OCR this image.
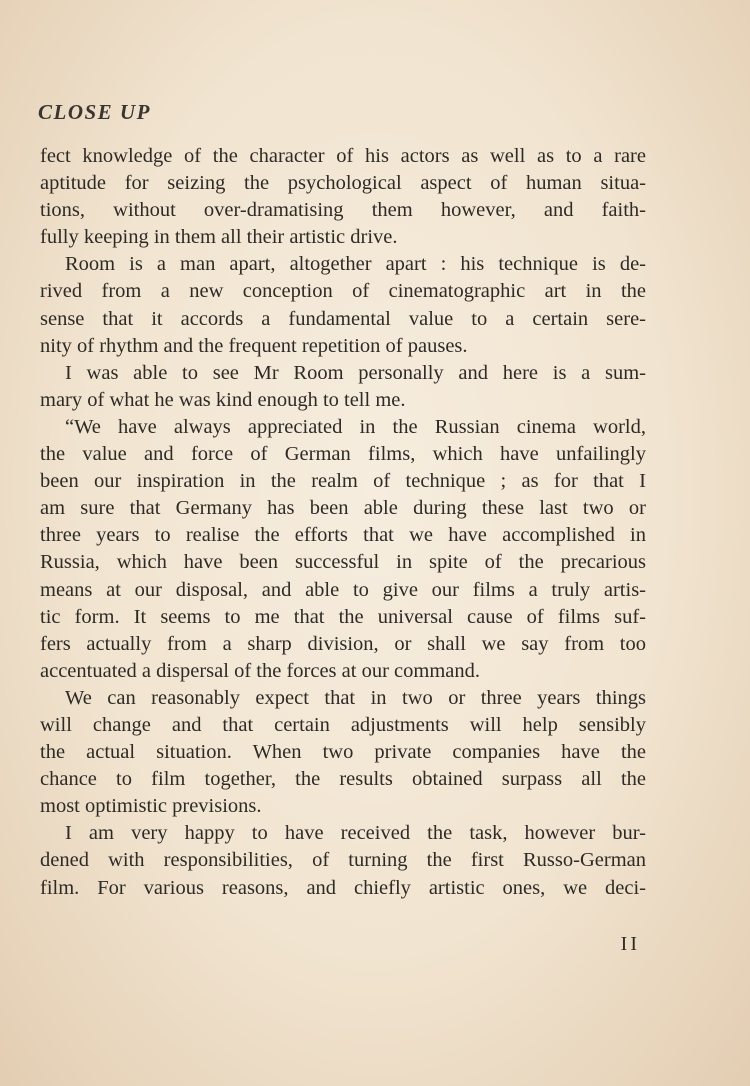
CLOSE UP

fect knowledge of the character of his actors as well as to a rare
aptitude for seizing the psychological aspect of human situa-
tions, without over-dramatising them however, and faith-
fully keeping in them all their artistic drive.

Room is a man apart, altogether apart : his technique is de-
rived from a new conception of cinematographic art in the
sense that it accords a fundamental value to a certain sere-
nity of rhythm and the frequent repetition of pauses.

I was able to see Mr Room personally and here is a sum-
mary of what he was kind enough to tell me.

“We have always appreciated in the Russian cinema world,
the value and force of German films, which have unfailingly
been our inspiration in the realm of technique ; as for that I
am sure that Germany has been able during these last two or
three years to realise the efforts that we have accomplished in
Russia, which have been successful in spite of the precarious
means at our disposal, and able to give our films a truly artis-
tic form. It seems to me that the universal cause of films suf-
fers actually from a sharp division, or shall we say from too
accentuated a dispersal of the forces at our command.

We can reasonably expect that in two or three years things
will change and that certain adjustments will help sensibly
the actual situation. When two private companies have the
chance to film together, the results obtained surpass all the
most optimistic previsions.

I am very happy to have received the task, however bur-
dened with responsibilities, of turning the first Russo-German
film. For various reasons, and chiefly artistic ones, we deci-

II
